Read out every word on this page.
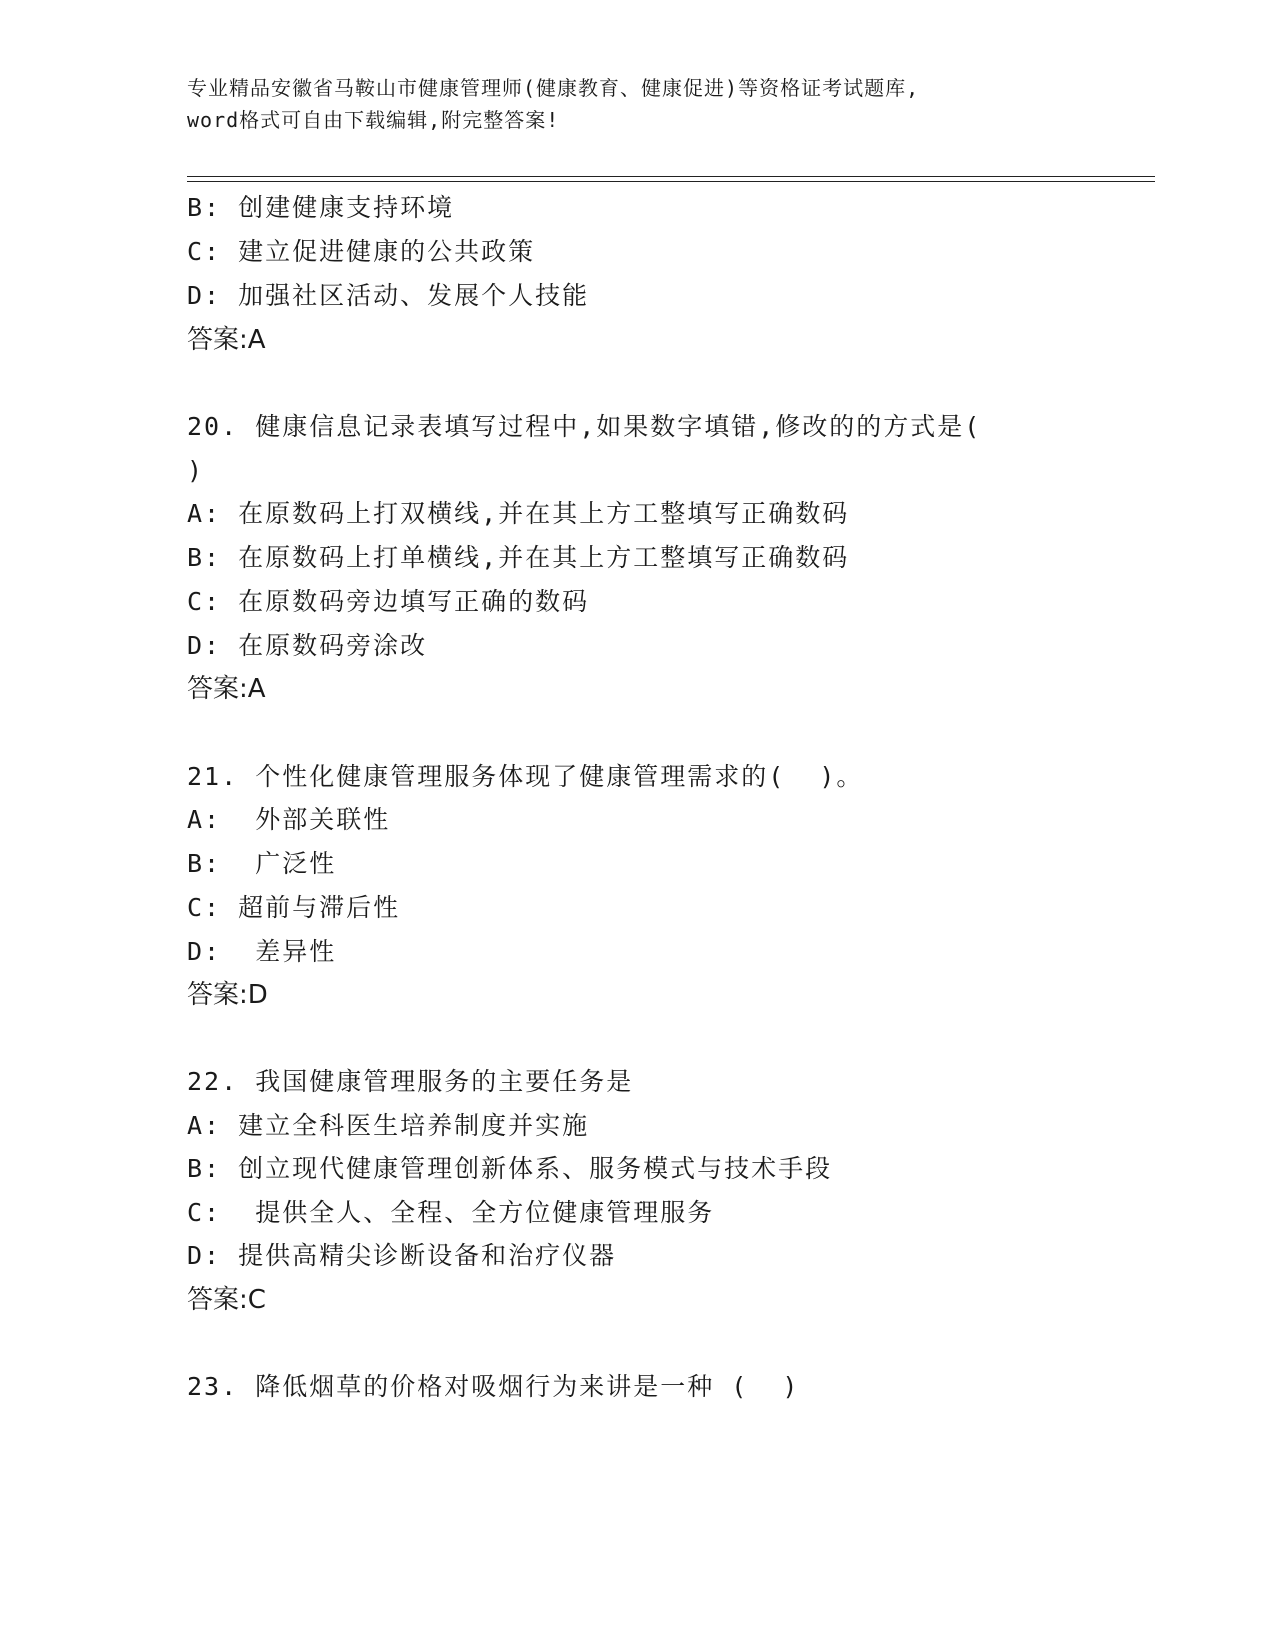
专业精品安徽省马鞍山市健康管理师(健康教育、健康促进)等资格证考试题库,
word格式可自由下载编辑,附完整答案!
B: 创建健康支持环境
C: 建立促进健康的公共政策
D: 加强社区活动、发展个人技能
答案:A
20. 健康信息记录表填写过程中,如果数字填错,修改的的方式是(
)
A: 在原数码上打双横线,并在其上方工整填写正确数码
B: 在原数码上打单横线,并在其上方工整填写正确数码
C: 在原数码旁边填写正确的数码
D: 在原数码旁涂改
答案:A
21. 个性化健康管理服务体现了健康管理需求的(  )。
A:  外部关联性
B:  广泛性
C: 超前与滞后性
D:  差异性
答案:D
22. 我国健康管理服务的主要任务是
A: 建立全科医生培养制度并实施
B: 创立现代健康管理创新体系、服务模式与技术手段
C:  提供全人、全程、全方位健康管理服务
D: 提供高精尖诊断设备和治疗仪器
答案:C
23. 降低烟草的价格对吸烟行为来讲是一种 (  )
